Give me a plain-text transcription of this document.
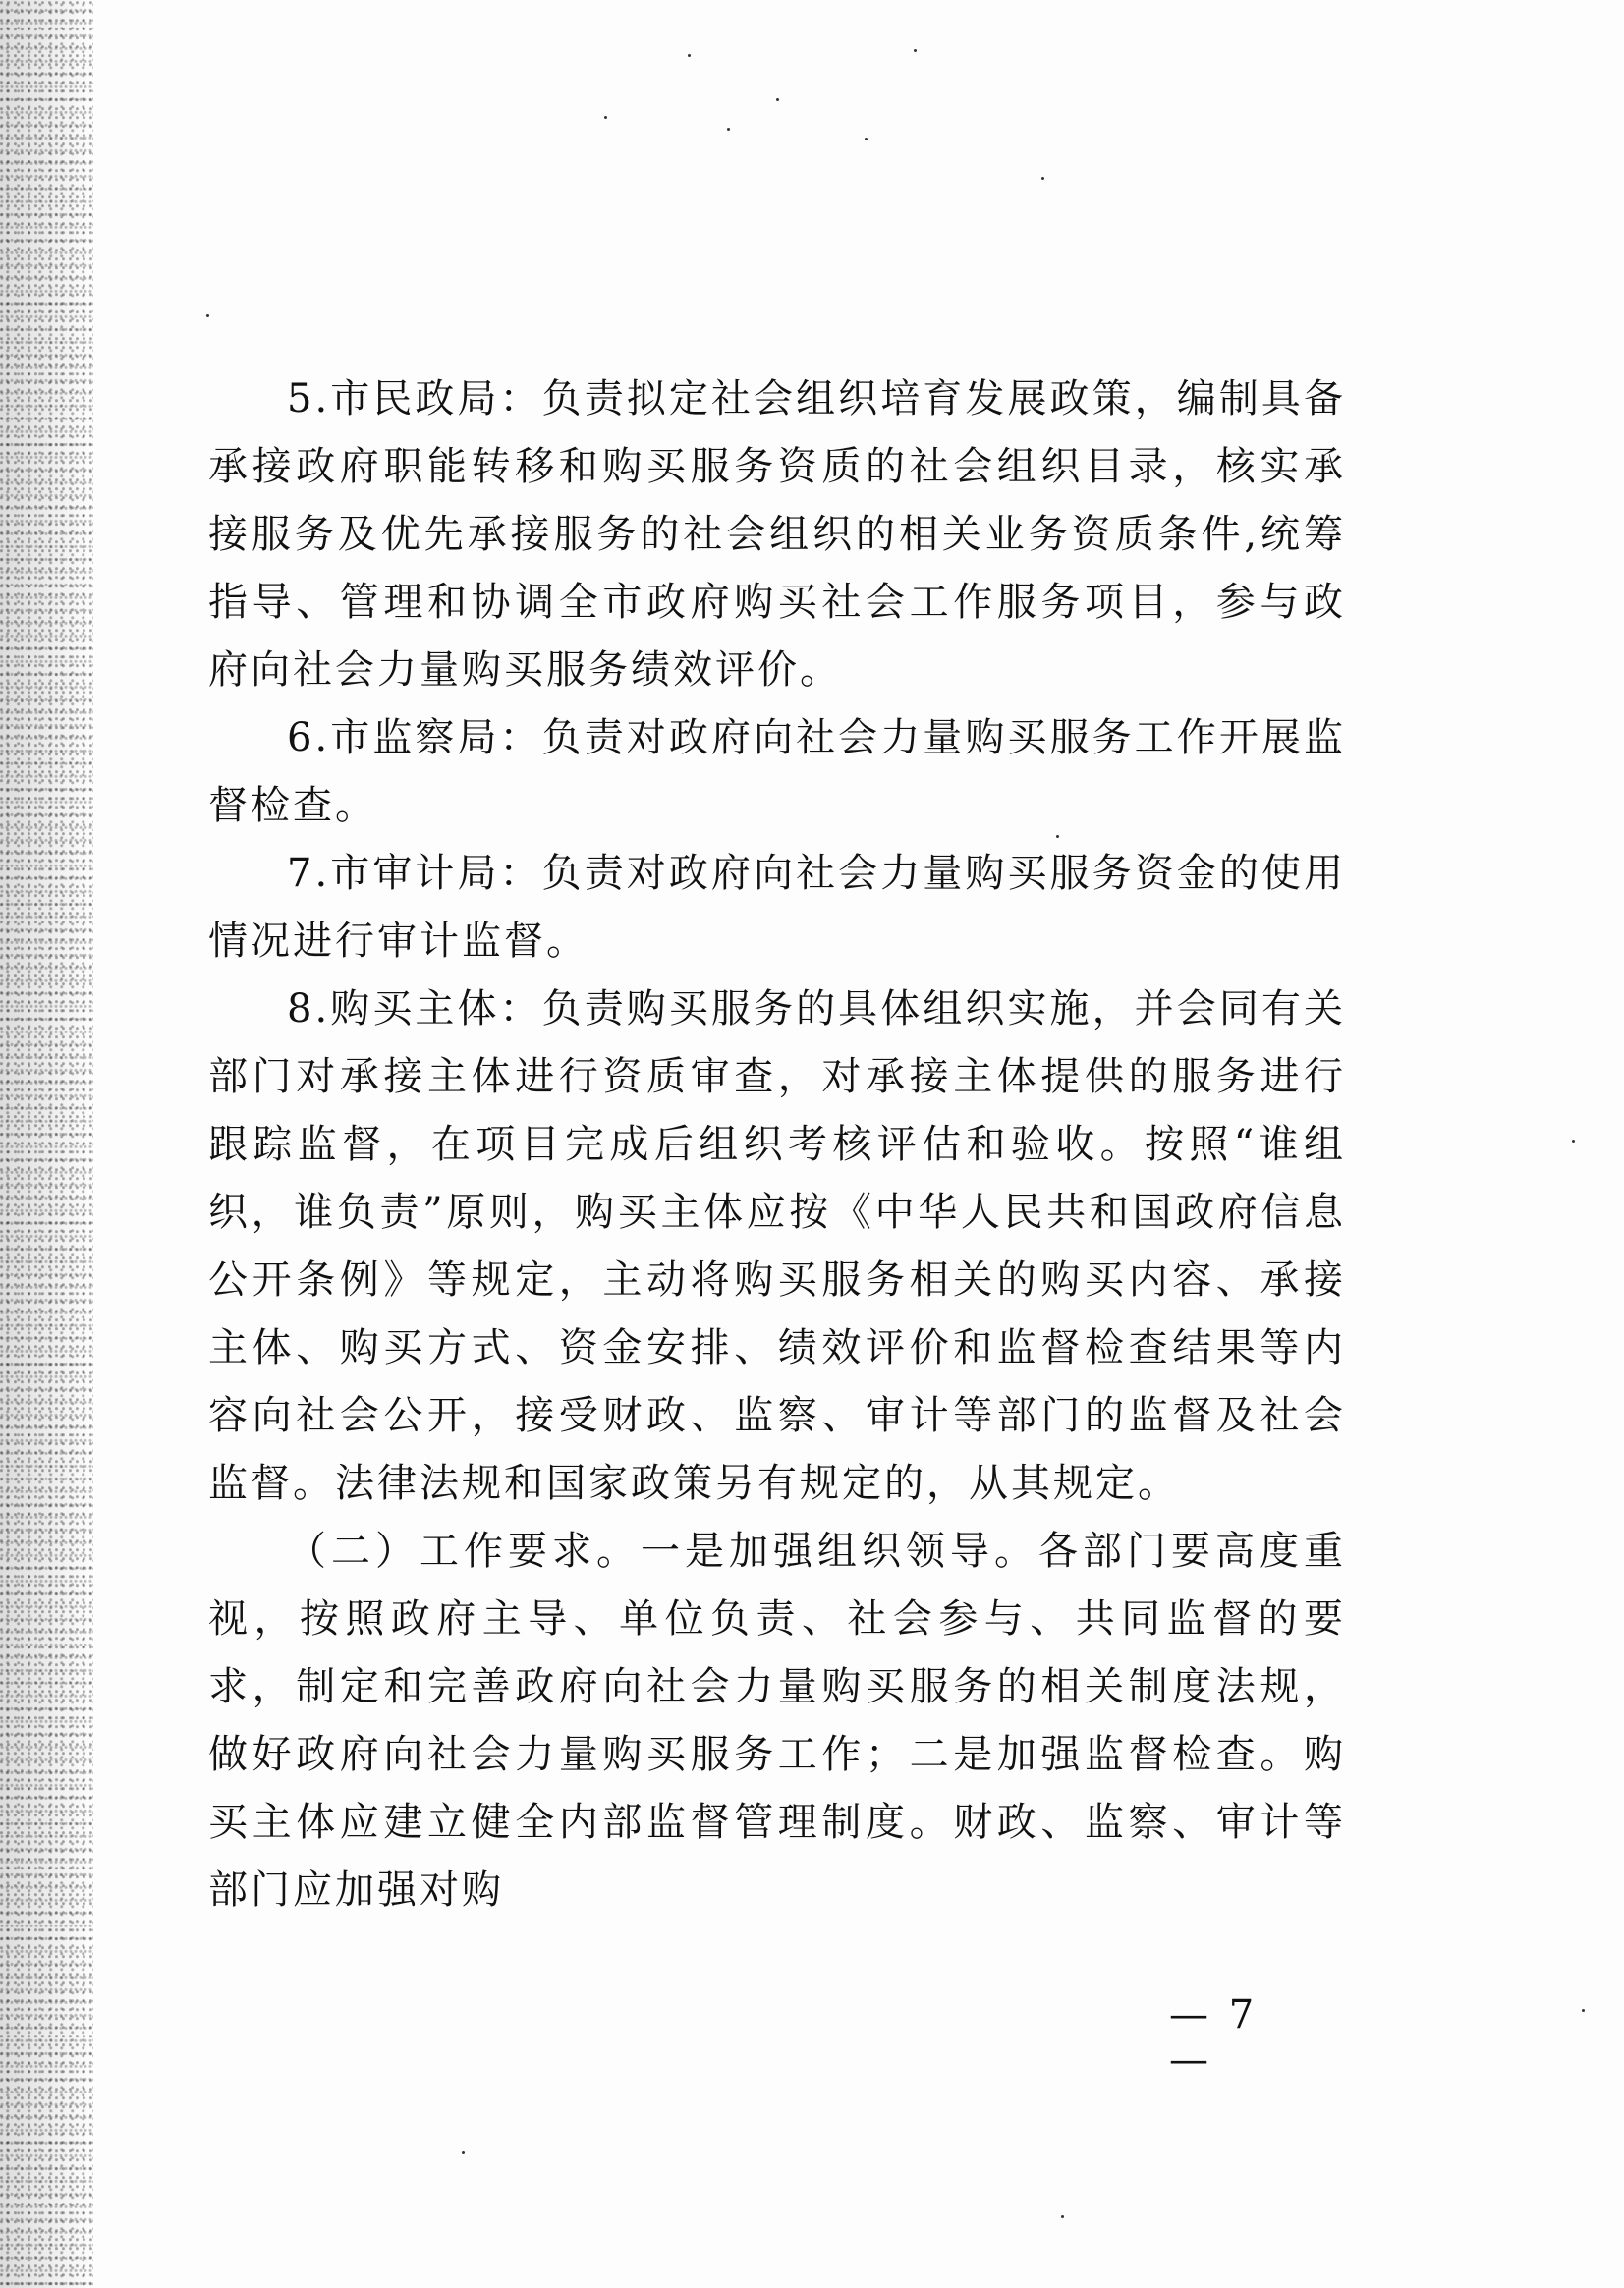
5.市民政局：负责拟定社会组织培育发展政策，编制具备承接政府职能转移和购买服务资质的社会组织目录，核实承接服务及优先承接服务的社会组织的相关业务资质条件,统筹指导、管理和协调全市政府购买社会工作服务项目，参与政府向社会力量购买服务绩效评价。

6.市监察局：负责对政府向社会力量购买服务工作开展监督检查。

7.市审计局：负责对政府向社会力量购买服务资金的使用情况进行审计监督。

8.购买主体：负责购买服务的具体组织实施，并会同有关部门对承接主体进行资质审查，对承接主体提供的服务进行跟踪监督，在项目完成后组织考核评估和验收。按照“谁组织，谁负责”原则，购买主体应按《中华人民共和国政府信息公开条例》等规定，主动将购买服务相关的购买内容、承接主体、购买方式、资金安排、绩效评价和监督检查结果等内容向社会公开，接受财政、监察、审计等部门的监督及社会监督。法律法规和国家政策另有规定的，从其规定。

（二）工作要求。一是加强组织领导。各部门要高度重视，按照政府主导、单位负责、社会参与、共同监督的要求，制定和完善政府向社会力量购买服务的相关制度法规，做好政府向社会力量购买服务工作；二是加强监督检查。购买主体应建立健全内部监督管理制度。财政、监察、审计等部门应加强对购

— 7 —
